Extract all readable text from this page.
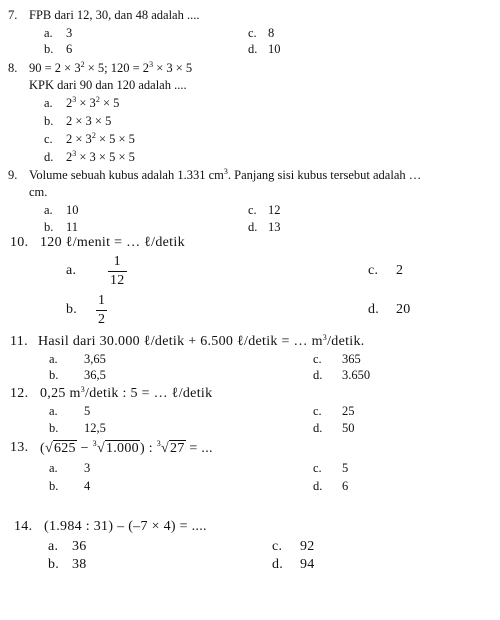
7. FPB dari 12, 30, dan 48 adalah ....
a. 3
b. 6
c. 8
d. 10
8. $90 = 2 \times 3^2 \times 5$; $120 = 2^3 \times 3 \times 5$
KPK dari 90 dan 120 adalah ....
a. $2^3 \times 3^2 \times 5$
b. 2 × 3 × 5
c. $2 \times 3^2 \times 5 \times 5$
d. $2^3 \times 3 \times 5 \times 5$
9. Volume sebuah kubus adalah 1.331 $cm^3$. Panjang sisi kubus tersebut adalah …
cm.
a. 10
b. 11
c. 12
d. 13
10. 120 ℓ/menit = … ℓ/detik
a. $\frac{1}{12}$
b. $\frac{1}{2}$
c. 2
d. 20
11. Hasil dari 30.000 ℓ/detik + 6.500 ℓ/detik = … $m^3$/detik.
a. 3,65
b. 36,5
c. 365
d. 3.650
12. 0,25 $m^3$/detik : 5 = … ℓ/detik
a. 5
b. 12,5
c. 25
d. 50
13. (√625 − $^3$√1.000) : $^3$√27 = ...
a. 3
b. 4
c. 5
d. 6
14. (1.984 : 31) – (–7 × 4) = ....
a. 36
b. 38
c. 92
d. 94
